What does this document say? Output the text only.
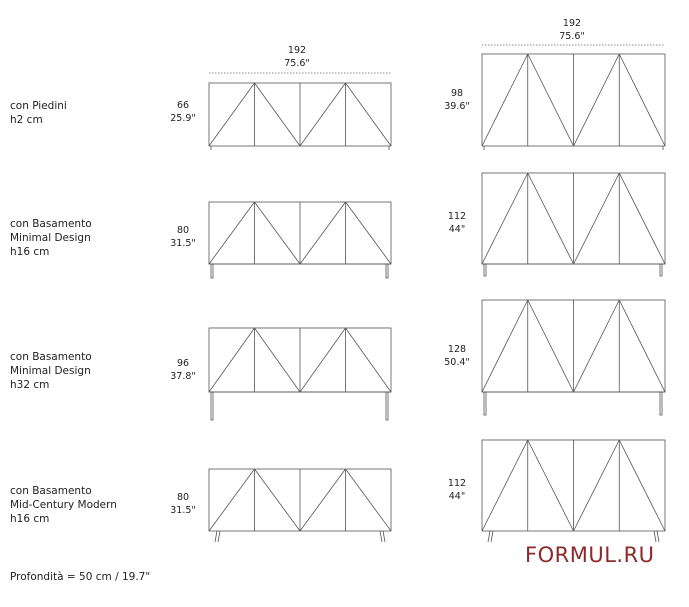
con Piedini
h2 cm
con Basamento
Minimal Design
h16 cm
con Basamento
Minimal Design
h32 cm
con Basamento
Mid-Century Modern
h16 cm
192
75.6"
192
75.6"
66
25.9"
80
31.5"
96
37.8"
80
31.5"
98
39.6"
112
44"
128
50.4"
112
44"
Profondità = 50 cm / 19.7"
FORMUL.RU
